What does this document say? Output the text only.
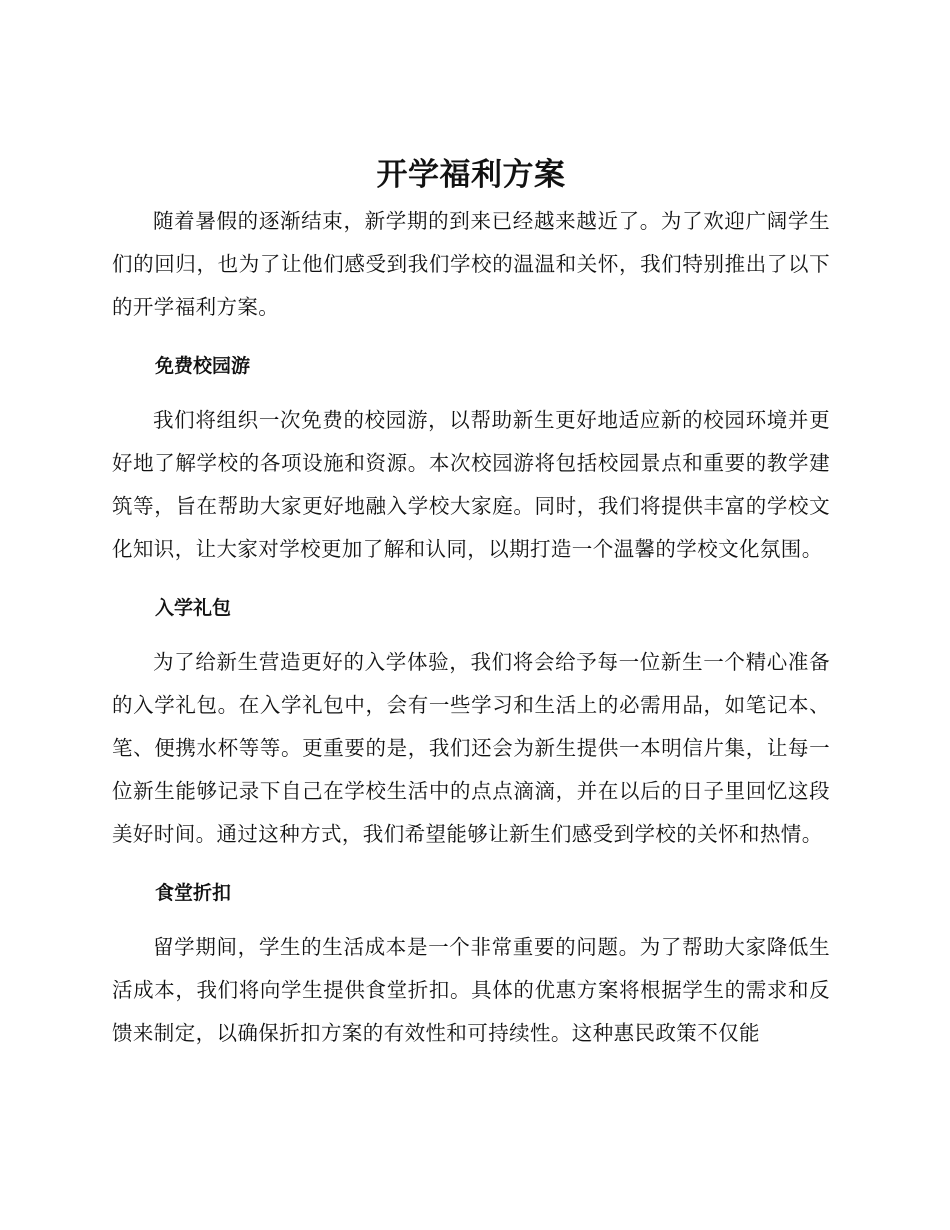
开学福利方案

随着暑假的逐渐结束，新学期的到来已经越来越近了。为了欢迎广阔学生们的回归，也为了让他们感受到我们学校的温温和关怀，我们特别推出了以下的开学福利方案。

免费校园游

我们将组织一次免费的校园游，以帮助新生更好地适应新的校园环境并更好地了解学校的各项设施和资源。本次校园游将包括校园景点和重要的教学建筑等，旨在帮助大家更好地融入学校大家庭。同时，我们将提供丰富的学校文化知识，让大家对学校更加了解和认同，以期打造一个温馨的学校文化氛围。

入学礼包

为了给新生营造更好的入学体验，我们将会给予每一位新生一个精心准备的入学礼包。在入学礼包中，会有一些学习和生活上的必需用品，如笔记本、笔、便携水杯等等。更重要的是，我们还会为新生提供一本明信片集，让每一位新生能够记录下自己在学校生活中的点点滴滴，并在以后的日子里回忆这段美好时间。通过这种方式，我们希望能够让新生们感受到学校的关怀和热情。

食堂折扣

留学期间，学生的生活成本是一个非常重要的问题。为了帮助大家降低生活成本，我们将向学生提供食堂折扣。具体的优惠方案将根据学生的需求和反馈来制定，以确保折扣方案的有效性和可持续性。这种惠民政策不仅能
